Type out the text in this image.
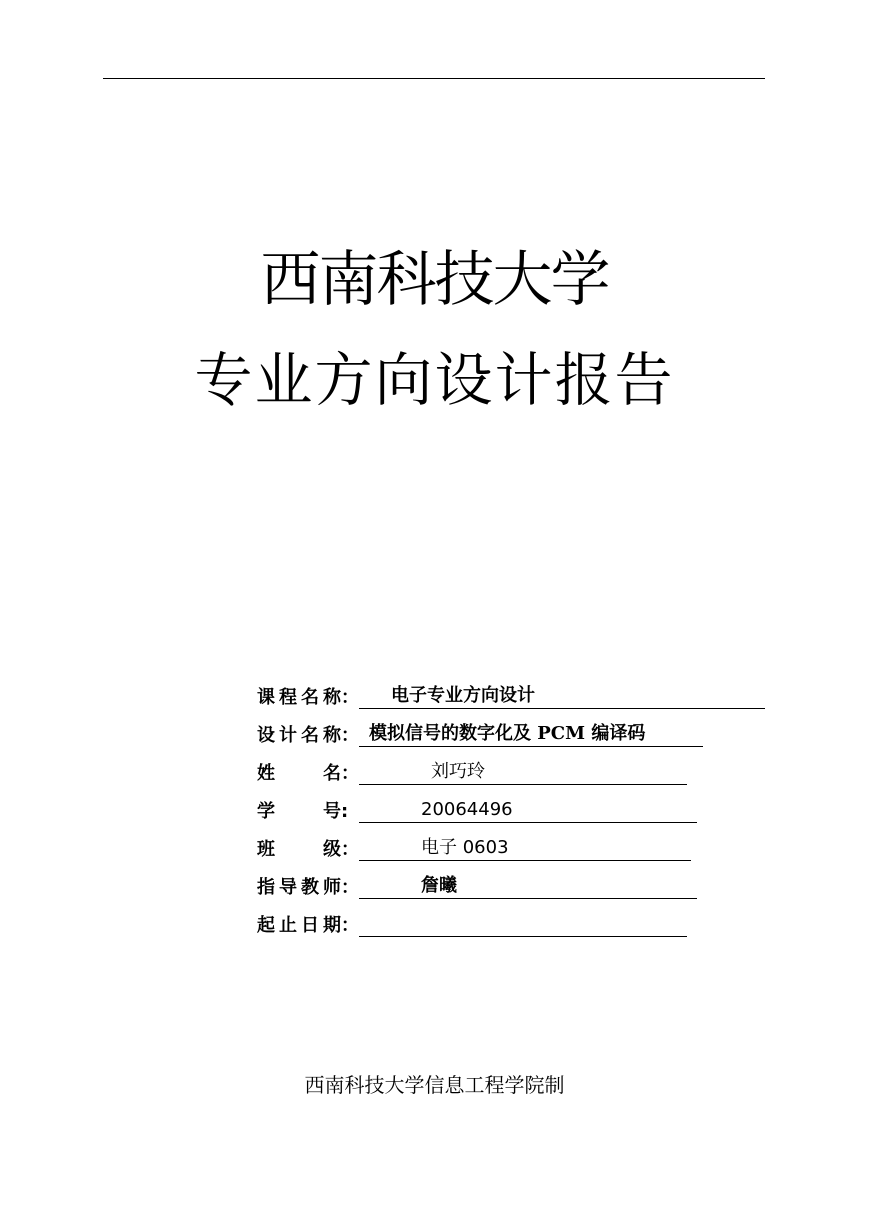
西南科技大学
专业方向设计报告
课 程 名 称 ： 电子专业方向设计
设 计 名 称 ： 模拟信号的数字化及 PCM 编译码
姓	名 ：	刘巧玲
学	号 :	20064496
班	级 ：	电子 0603
指 导 教 师 ：	詹曦
起 止 日 期 ：
西南科技大学信息工程学院制
